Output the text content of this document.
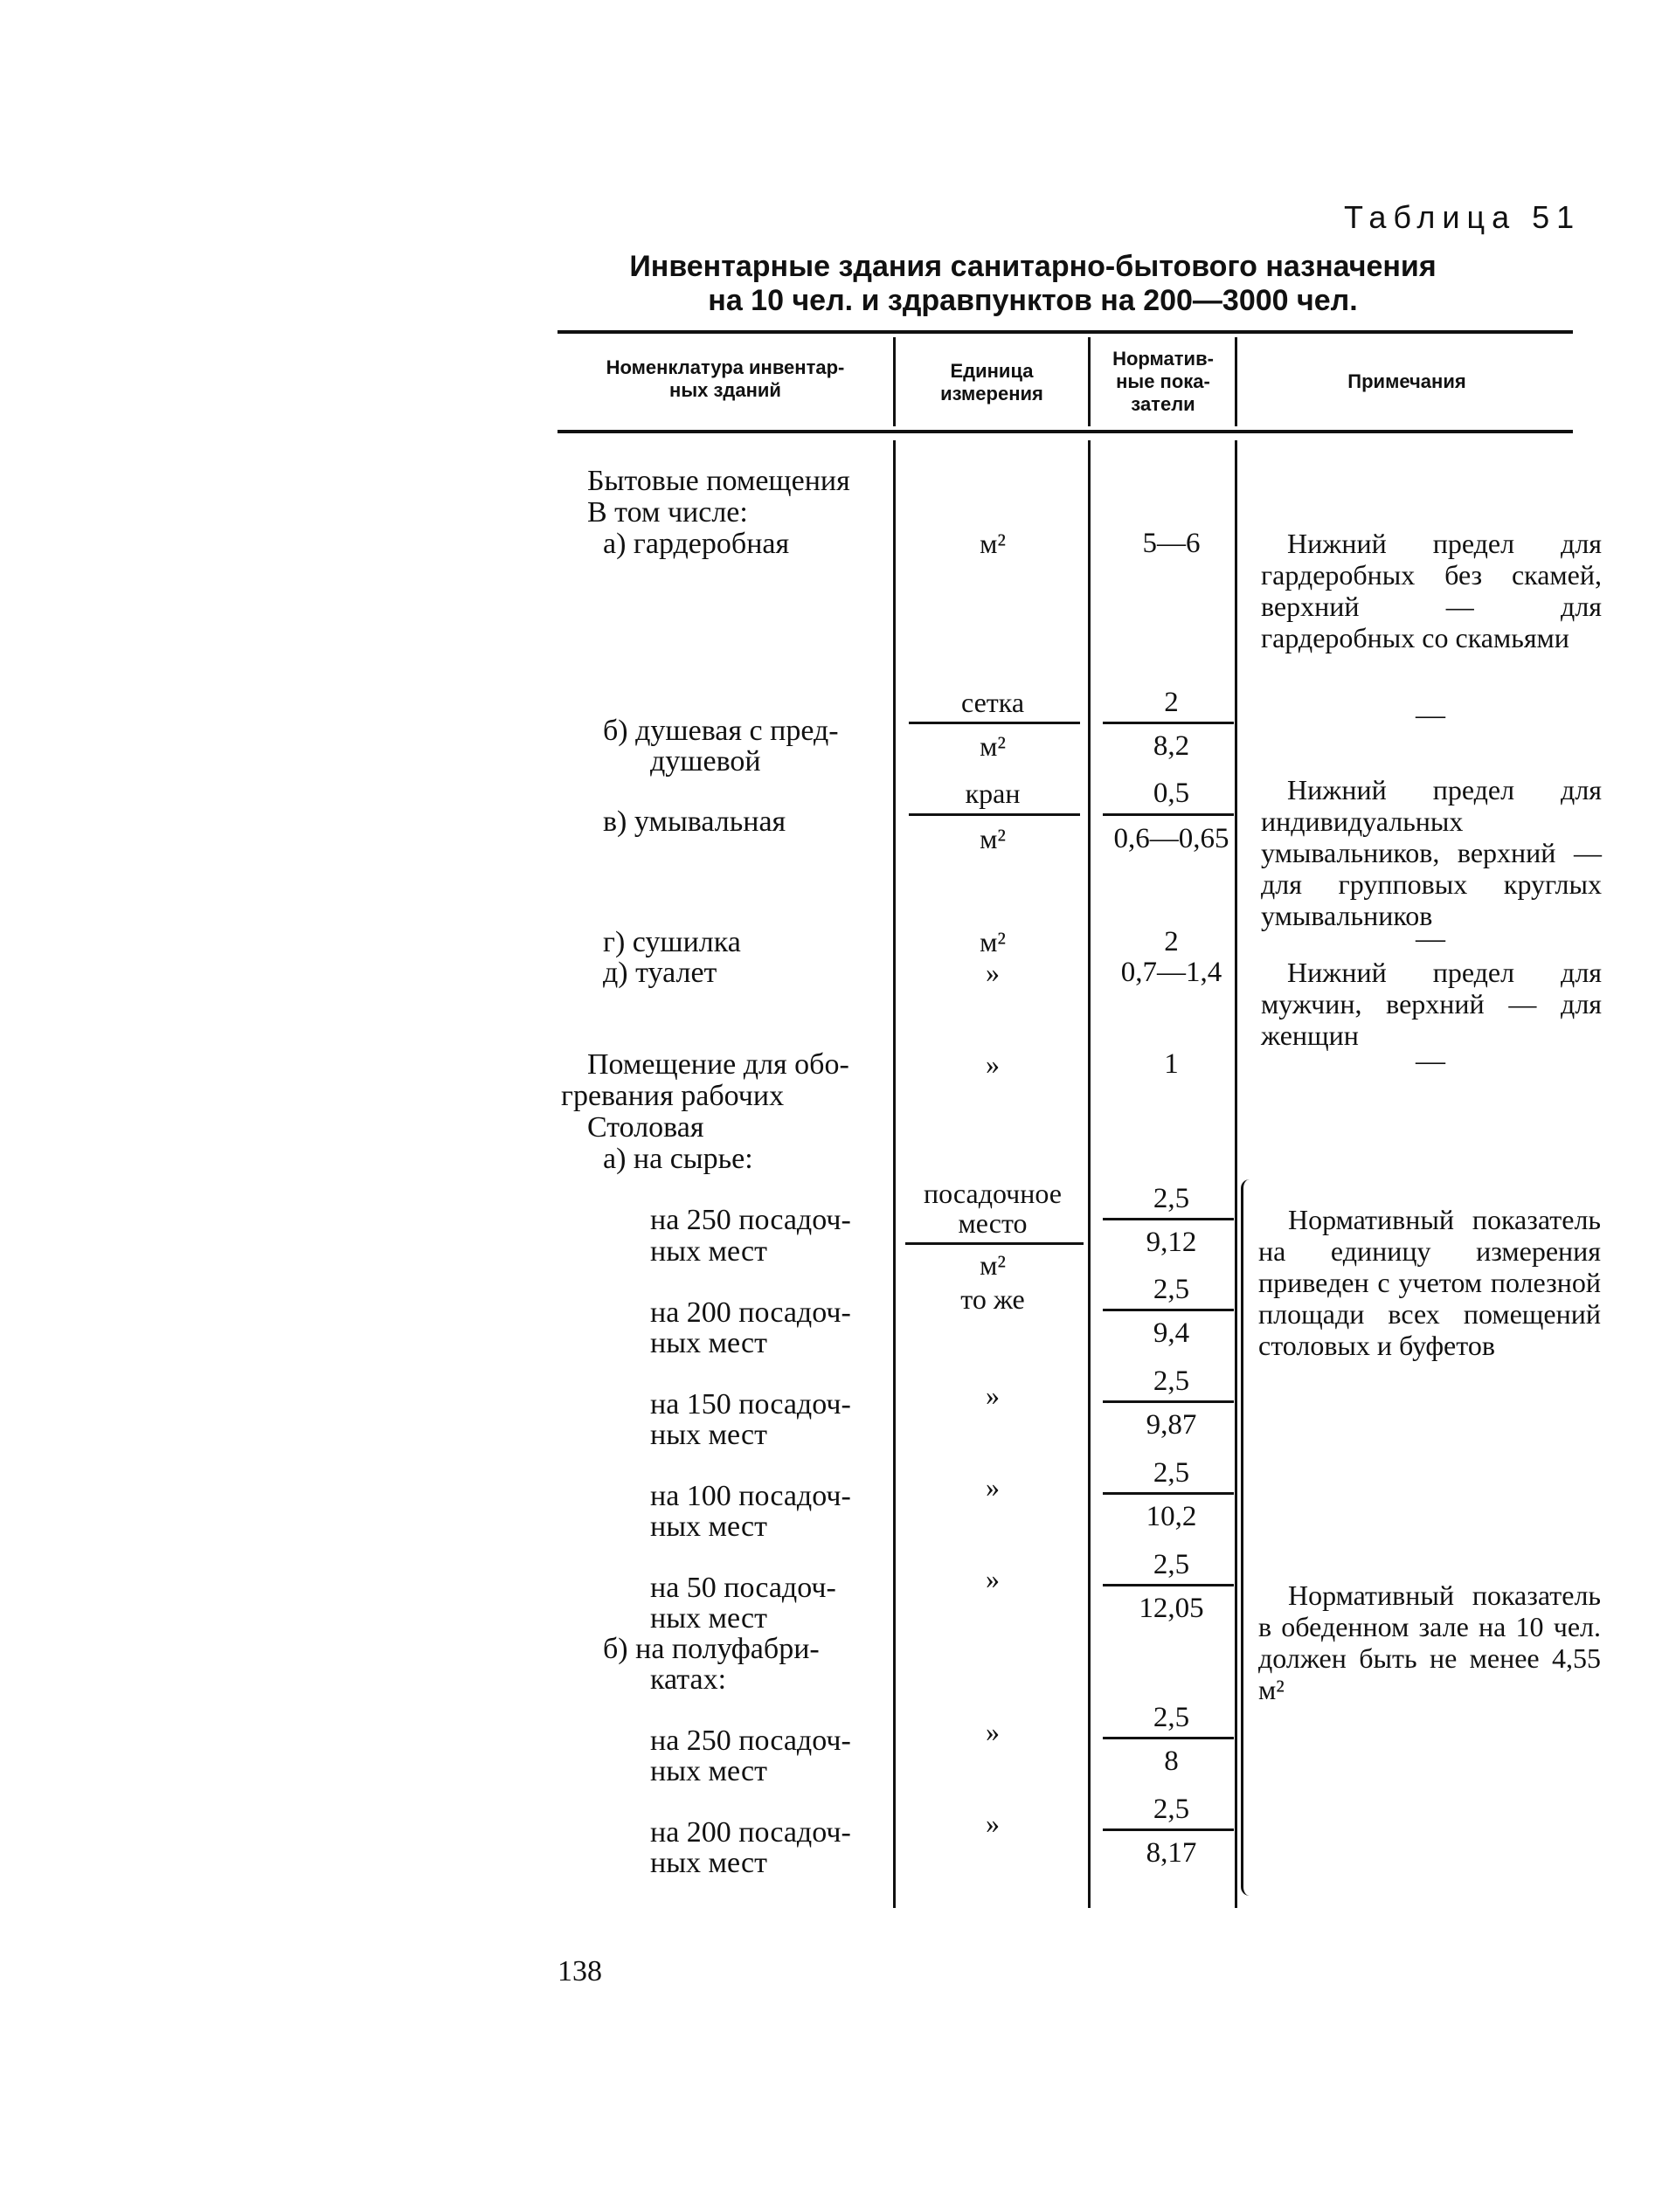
Таблица 51
Инвентарные здания санитарно-бытового назначения
на 10 чел. и здравпунктов на 200—3000 чел.
Номенклатура инвентар-
ных зданий
Единица
измерения
Норматив-
ные пока-
затели
Примечания
Бытовые помещения
В том числе:
а) гардеробная
б) душевая с пред-
душевой
в) умывальная
г) сушилка
д) туалет
Помещение для обо-
гревания рабочих
Столовая
а) на сырье:
на 250 посадоч-
ных мест
на 200 посадоч-
ных мест
на 150 посадоч-
ных мест
на 100 посадоч-
ных мест
на 50 посадоч-
ных мест
б) на полуфабри-
катах:
на 250 посадоч-
ных мест
на 200 посадоч-
ных мест
м²
сетка
м²
кран
м²
м²
»
»
посадочное
место
м²
то же
»
»
»
»
»
5—6
2
8,2
0,5
0,6—0,65
2
0,7—1,4
1
2,5
9,12
2,5
9,4
2,5
9,87
2,5
10,2
2,5
12,05
2,5
8
2,5
8,17
Нижний предел для гардеробных без скамей, верхний — для гардеробных со скамьями
—
Нижний предел для индивидуальных умывальников, верхний — для групповых круглых умывальников
—
Нижний предел для мужчин, верхний — для женщин
—
Нормативный показатель на единицу измерения приведен с учетом полезной площади всех помещений столовых и буфетов
Нормативный показатель в обеденном зале на 10 чел. должен быть не менее 4,55 м²
138
